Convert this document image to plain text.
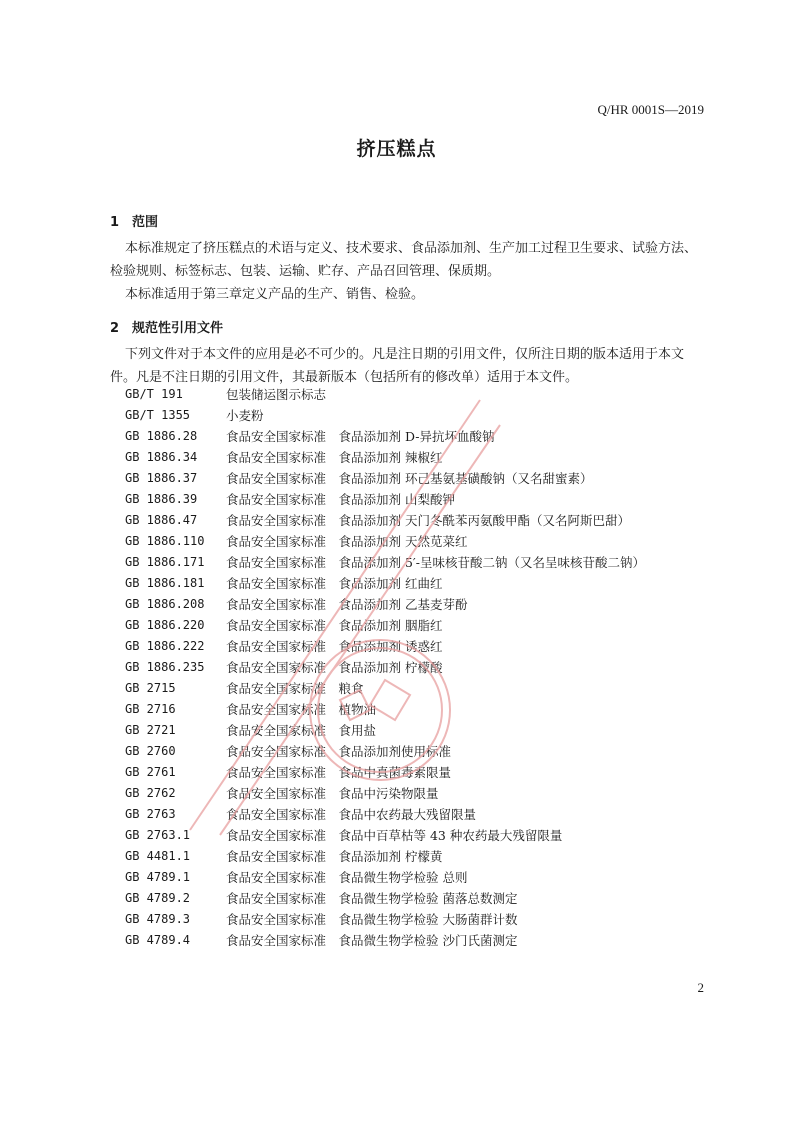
Q/HR 0001S—2019
挤压糕点
1 范围
本标准规定了挤压糕点的术语与定义、技术要求、食品添加剂、生产加工过程卫生要求、试验方法、检验规则、标签标志、包装、运输、贮存、产品召回管理、保质期。
本标准适用于第三章定义产品的生产、销售、检验。
2 规范性引用文件
下列文件对于本文件的应用是必不可少的。凡是注日期的引用文件，仅所注日期的版本适用于本文件。凡是不注日期的引用文件，其最新版本（包括所有的修改单）适用于本文件。
GB/T 191	包装储运图示标志
GB/T 1355	小麦粉
GB 1886.28 食品安全国家标准　食品添加剂 D-异抗坏血酸钠
GB 1886.34 食品安全国家标准　食品添加剂 辣椒红
GB 1886.37 食品安全国家标准　食品添加剂 环己基氨基磺酸钠（又名甜蜜素）
GB 1886.39 食品安全国家标准　食品添加剂 山梨酸钾
GB 1886.47 食品安全国家标准　食品添加剂 天门冬酰苯丙氨酸甲酯（又名阿斯巴甜）
GB 1886.110 食品安全国家标准　食品添加剂 天然苋菜红
GB 1886.171 食品安全国家标准　食品添加剂 5′-呈味核苷酸二钠（又名呈味核苷酸二钠）
GB 1886.181 食品安全国家标准　食品添加剂 红曲红
GB 1886.208 食品安全国家标准　食品添加剂 乙基麦芽酚
GB 1886.220 食品安全国家标准　食品添加剂 胭脂红
GB 1886.222 食品安全国家标准　食品添加剂 诱惑红
GB 1886.235 食品安全国家标准　食品添加剂 柠檬酸
GB 2715	食品安全国家标准　粮食
GB 2716	食品安全国家标准　植物油
GB 2721	食品安全国家标准　食用盐
GB 2760	食品安全国家标准　食品添加剂使用标准
GB 2761	食品安全国家标准　食品中真菌毒素限量
GB 2762	食品安全国家标准　食品中污染物限量
GB 2763	食品安全国家标准　食品中农药最大残留限量
GB 2763.1	食品安全国家标准　食品中百草枯等 43 种农药最大残留限量
GB 4481.1	食品安全国家标准　食品添加剂 柠檬黄
GB 4789.1	食品安全国家标准　食品微生物学检验 总则
GB 4789.2	食品安全国家标准　食品微生物学检验 菌落总数测定
GB 4789.3	食品安全国家标准　食品微生物学检验 大肠菌群计数
GB 4789.4	食品安全国家标准　食品微生物学检验 沙门氏菌测定
2
